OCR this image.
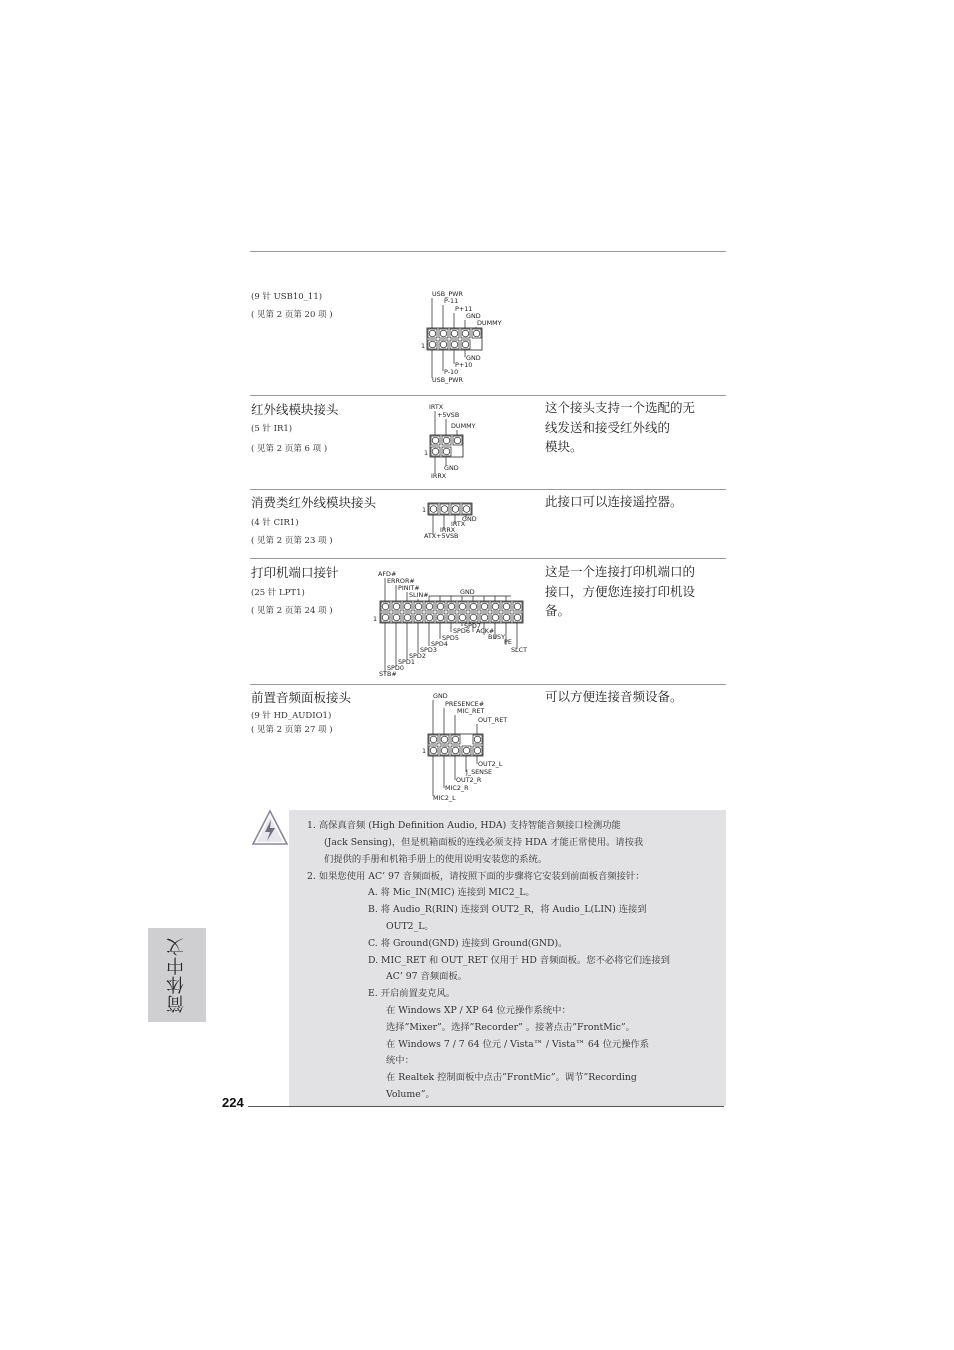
(9 针 USB10_11)
( 见第 2 页第 20 项 )
USB_PWR
P-11
P+11
GND
DUMMY
1
GND
P+10
P-10
USB_PWR
红外线模块接头
(5 针 IR1)
( 见第 2 页第 6 项 )
IRTX
+5VSB
DUMMY
1
GND
IRRX
这个接头支持一个选配的无
线发送和接受红外线的
模块。
消费类红外线模块接头
(4 针 CIR1)
( 见第 2 页第 23 项 )
1
GND
IRTX
IRRX
ATX+5VSB
此接口可以连接遥控器。
打印机端口接针
(25 针 LPT1)
( 见第 2 页第 24 项 )
AFD#
ERROR#
PINIT#
SLIN#	GND
1
SPD7
SPD6 ACK#
SPD5	BUSY
SPD4	PE
SPD3	SLCT
SPD2
SPD1
SPD0
STB#
这是一个连接打印机端口的
接口，方便您连接打印机设
备。
前置音频面板接头
(9 针 HD_AUDIO1)
( 见第 2 页第 27 项 )
GND
PRESENCE#
MIC_RET
OUT_RET
1
OUT2_L
J_SENSE
OUT2_R
MIC2_R
MIC2_L
可以方便连接音频设备。
1. 高保真音频 (High Definition Audio, HDA) 支持智能音频接口检测功能
(Jack Sensing)，但是机箱面板的连线必须支持 HDA 才能正常使用。请按我
们提供的手册和机箱手册上的使用说明安装您的系统。
2. 如果您使用 AC’ 97 音频面板，请按照下面的步骤将它安装到前面板音频接针：
A. 将 Mic_IN(MIC) 连接到 MIC2_L。
B. 将 Audio_R(RIN) 连接到 OUT2_R，将 Audio_L(LIN) 连接到
OUT2_L。
C. 将 Ground(GND) 连接到 Ground(GND)。
D. MIC_RET 和 OUT_RET 仅用于 HD 音频面板。您不必将它们连接到
AC’ 97 音频面板。
E. 开启前置麦克风。
在 Windows XP / XP 64 位元操作系统中：
选择”Mixer”。选择”Recorder” 。接著点击”FrontMic”。
在 Windows 7 / 7 64 位元 / Vista™ / Vista™ 64 位元操作系
统中：
在 Realtek 控制面板中点击”FrontMic”。调节”Recording
Volume”。
简体中文
224
